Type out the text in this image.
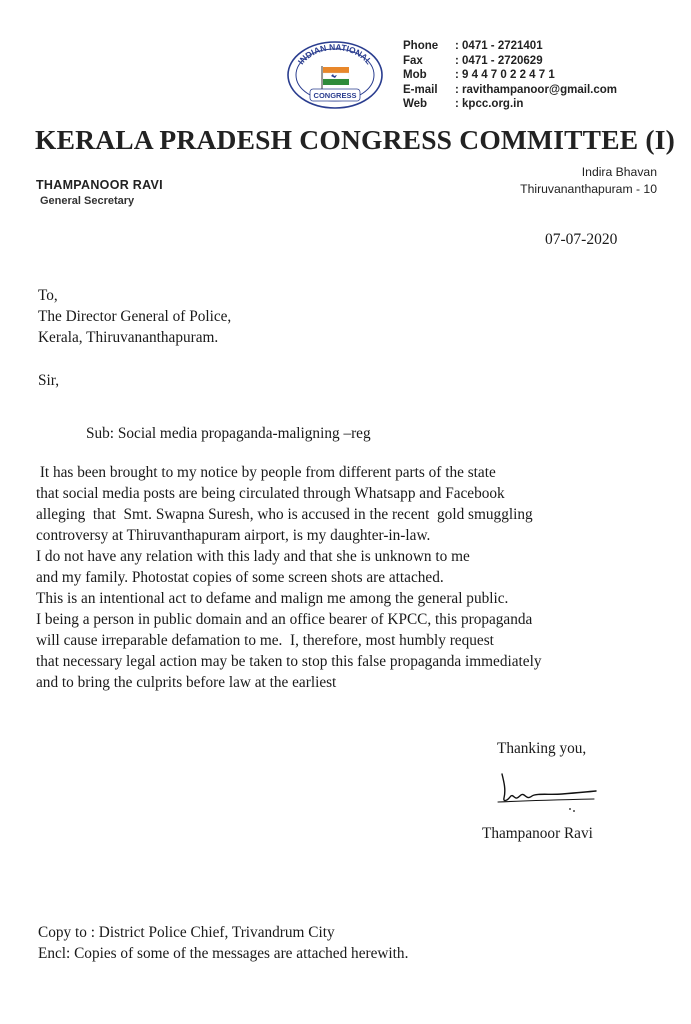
INDIAN NATIONAL
CONGRESS
Phone	: 0471 - 2721401
Fax	: 0471 - 2720629
Mob	: 9 4 4 7 0 2 2 4 7 1
E-mail	: ravithampanoor@gmail.com
Web	: kpcc.org.in
KERALA PRADESH CONGRESS COMMITTEE (I)
THAMPANOOR RAVI
General Secretary
Indira Bhavan
Thiruvananthapuram - 10
07-07-2020
To,
The Director General of Police,
Kerala, Thiruvananthapuram.
Sir,
Sub: Social media propaganda-maligning –reg
It has been brought to my notice by people from different parts of the state
that social media posts are being circulated through Whatsapp and Facebook
alleging  that  Smt. Swapna Suresh, who is accused in the recent  gold smuggling
controversy at Thiruvanthapuram airport, is my daughter-in-law.
I do not have any relation with this lady and that she is unknown to me
and my family. Photostat copies of some screen shots are attached.
This is an intentional act to defame and malign me among the general public.
I being a person in public domain and an office bearer of KPCC, this propaganda
will cause irreparable defamation to me.  I, therefore, most humbly request
that necessary legal action may be taken to stop this false propaganda immediately
and to bring the culprits before law at the earliest
Thanking you,
Thampanoor Ravi
Copy to : District Police Chief, Trivandrum City
Encl: Copies of some of the messages are attached herewith.
